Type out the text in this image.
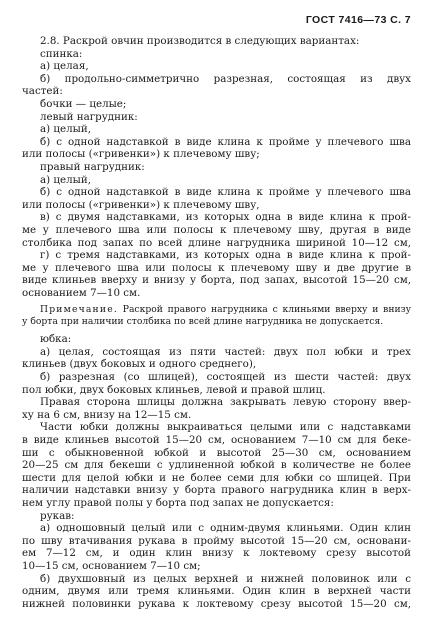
ГОСТ 7416—73 С. 7
2.8. Раскрой овчин производится в следующих вариантах:
спинка:
а) целая,
б) продольно-симметрично разрезная, состоящая из двух
частей:
бочки — целые;
левый нагрудник:
а) целый,
б) с одной надставкой в виде клина к пройме у плечевого шва
или полосы («гривенки») к плечевому шву;
правый нагрудник:
а) целый,
б) с одной надставкой в виде клина к пройме у плечевого шва
или полосы («гривенки») к плечевому шву,
в) с двумя надставками, из которых одна в виде клина к прой-
ме у плечевого шва или полосы к плечевому шву, другая в виде
столбика под запах по всей длине нагрудника шириной 10—12 см,
г) с тремя надставками, из которых одна в виде клина к прой-
ме у плечевого шва или полосы к плечевому шву и две другие в
виде клиньев вверху и внизу у борта, под запах, высотой 15—20 см,
основанием 7—10 см.
Примечание. Раскрой правого нагрудника с клиньями вверху и внизу
у борта при наличии столбика по всей длине нагрудника не допускается.
юбка:
а) целая, состоящая из пяти частей: двух пол юбки и трех
клиньев (двух боковых и одного среднего),
б) разрезная (со шлицей), состоящей из шести частей: двух
пол юбки, двух боковых клиньев, левой и правой шлиц.
Правая сторона шлицы должна закрывать левую сторону ввер-
ху на 6 см, внизу на 12—15 см.
Части юбки должны выкраиваться целыми или с надставками
в виде клиньев высотой 15—20 см, основанием 7—10 см для беке-
ши с обыкновенной юбкой и высотой 25—30 см, основанием
20—25 см для бекеши с удлиненной юбкой в количестве не более
шести для целой юбки и не более семи для юбки со шлицей. При
наличии надставки внизу у борта правого нагрудника клин в верх-
нем углу правой полы у борта под запах не допускается:
рукав:
а) одношовный целый или с одним-двумя клиньями. Один клин
по шву втачивания рукава в пройму высотой 15—20 см, основани-
ем 7—12 см, и один клин внизу к локтевому срезу высотой
10—15 см, основанием 7—10 см;
б) двухшовный из целых верхней и нижней половинок или с
одним, двумя или тремя клиньями. Один клин в верхней части
нижней половинки рукава к локтевому срезу высотой 15—20 см,
